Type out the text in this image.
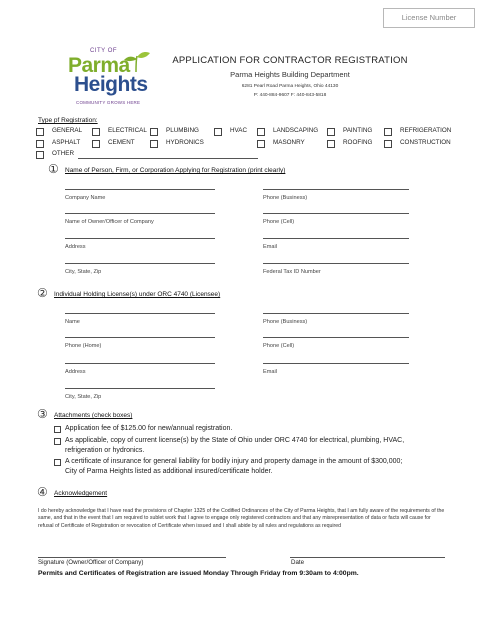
License Number
CITY OF
Parma
Heights
COMMUNITY GROWS HERE
APPLICATION FOR CONTRACTOR REGISTRATION
Parma Heights Building Department
6281 Pearl Road Parma Heights, Ohio 44130
P: 440-884-9607 F: 440-843-5818
Type pf Registration:
GENERAL	ELECTRICAL	PLUMBING	HVAC	LANDSCAPING	PAINTING	REFRIGERATION
ASPHALT	CEMENT	HYDRONICS	MASONRY	ROOFING	CONSTRUCTION
OTHER
① Name of Person, Firm, or Corporation Applying for Registration (print clearly)
Company Name	Phone (Business)
Name of Owner/Officer of Company	Phone (Cell)
Address	Email
City, State, Zip	Federal Tax ID Number
② Individual Holding License(s) under ORC 4740 (Licensee)
Name	Phone (Business)
Phone (Home)	Phone (Cell)
Address	Email
City, State, Zip
③ Attachments (check boxes)
Application fee of $125.00 for new/annual registration.
As applicable, copy of current license(s) by the State of Ohio under ORC 4740 for electrical, plumbing, HVAC,
refrigeration or hydronics.
A certificate of insurance for general liability for bodily injury and property damage in the amount of $300,000;
City of Parma Heights listed as additional insured/certificate holder.
④ Acknowledgement
I do hereby acknowledge that I have read the provisions of Chapter 1325 of the Codified Ordinances of the City of Parma Heights, that I am fully aware of the requirements of the same, and that in the event that I am required to sublet work that I agree to engage only registered contractors and that any misrepresentation of data or facts will cause for refusal of Certificate of Registration or revocation of Certificate when issued and I shall abide by all rules and regulations as required
Signature (Owner/Officer of Company)	Date
Permits and Certificates of Registration are issued Monday Through Friday from 9:30am to 4:00pm.
